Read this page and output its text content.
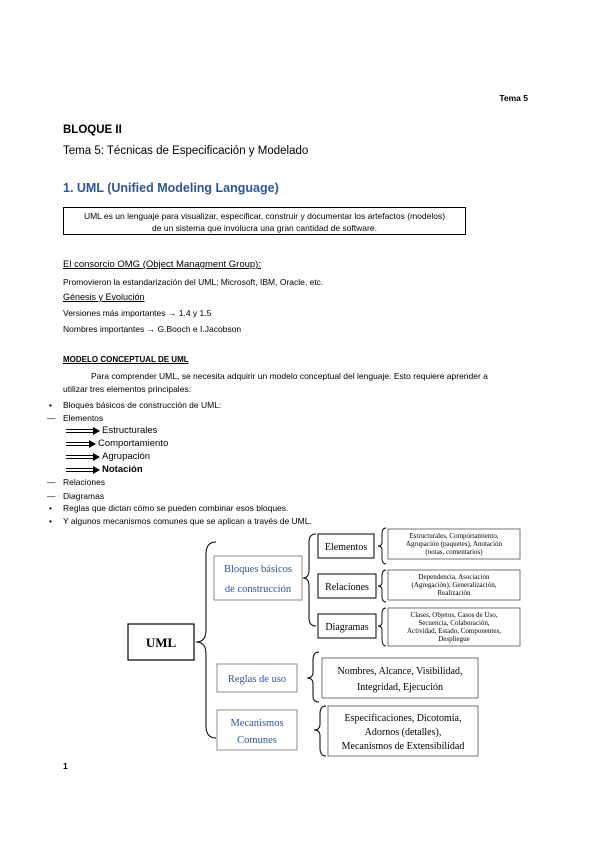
Tema 5
BLOQUE II
Tema 5: Técnicas de Especificación y Modelado
1. UML (Unified Modeling Language)
UML es un lenguaje para visualizar, especificar, construir y documentar los artefactos (modelos)
de un sistema que involucra una gran cantidad de software.
El consorcio OMG (Object Managment Group):
Promovieron la estandarización del UML; Microsoft, IBM, Oracle, etc.
Génesis y Evolución
Versiones más importantes → 1.4 y 1.5
Nombres importantes → G.Booch e I.Jacobson
MODELO CONCEPTUAL DE UML
Para comprender UML, se necesita adquirir un modelo conceptual del lenguaje. Esto requiere aprender a
utilizar tres elementos principales:
• Bloques básicos de construcción de UML:
— Elementos
Estructurales
Comportamiento
Agrupación
Notación
— Relaciones
— Diagramas
• Reglas que dictan cómo se pueden combinar esos bloques.
• Y algunos mecanismos comunes que se aplican a través de UML.
UML
Bloques básicos
de construcción
Reglas de uso
Mecanismos
Comunes
Elementos
Relaciones
Diagramas
Estructurales, Comportamiento,
Agrupación (paquetes), Anotación
(notas, comentarios)
Dependencia, Asociación
(Agregación), Generalización,
Realización
Clases, Objetos, Casos de Uso,
Secuencia, Colaboración,
Actividad, Estado, Componentes,
Despliegue
Nombres, Alcance, Visibilidad,
Integridad, Ejecución
Especificaciones, Dicotomía,
Adornos (detalles),
Mecanismos de Extensibilidad
1
